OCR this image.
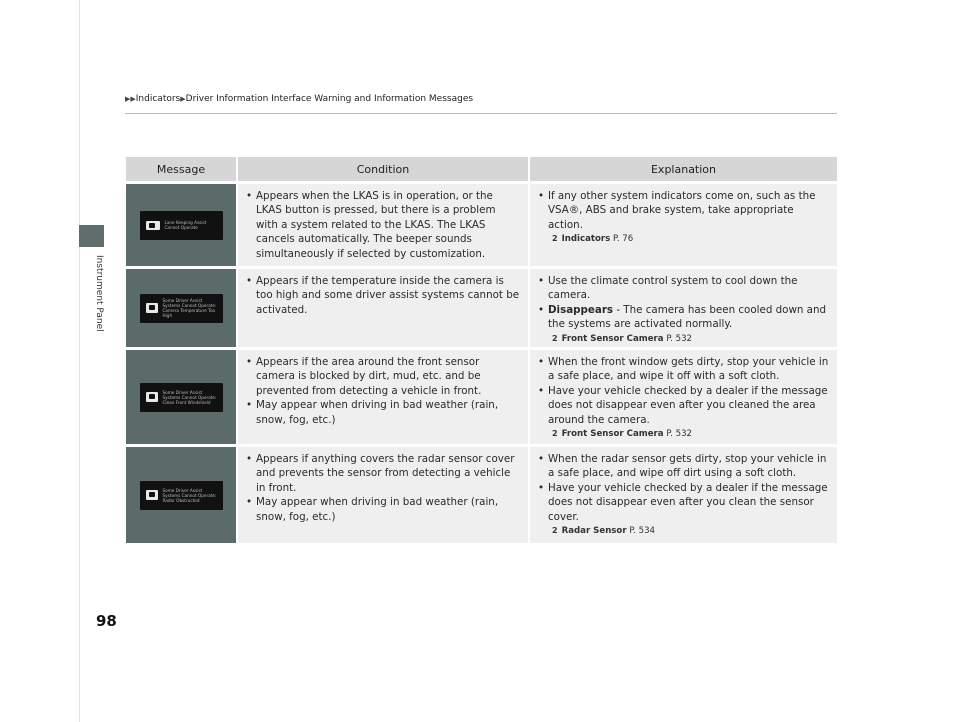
Instrument Panel
▶▶Indicators▶Driver Information Interface Warning and Information Messages
Message	Condition	Explanation
Lane Keeping Assist
Cannot Operate
• Appears when the LKAS is in operation, or the LKAS button is pressed, but there is a problem with a system related to the LKAS. The LKAS cancels automatically. The beeper sounds simultaneously if selected by customization.
• If any other system indicators come on, such as the VSA®, ABS and brake system, take appropriate action.
2 Indicators P. 76
Some Driver Assist
Systems Cannot Operate:
Camera Temperature Too
High
• Appears if the temperature inside the camera is too high and some driver assist systems cannot be activated.
• Use the climate control system to cool down the camera.
• Disappears - The camera has been cooled down and the systems are activated normally.
2 Front Sensor Camera P. 532
Some Driver Assist
Systems Cannot Operate:
Clean Front Windshield
• Appears if the area around the front sensor camera is blocked by dirt, mud, etc. and be prevented from detecting a vehicle in front.
• May appear when driving in bad weather (rain, snow, fog, etc.)
• When the front window gets dirty, stop your vehicle in a safe place, and wipe it off with a soft cloth.
• Have your vehicle checked by a dealer if the message does not disappear even after you cleaned the area around the camera.
2 Front Sensor Camera P. 532
Some Driver Assist
Systems Cannot Operate:
Radar Obstructed
• Appears if anything covers the radar sensor cover and prevents the sensor from detecting a vehicle in front.
• May appear when driving in bad weather (rain, snow, fog, etc.)
• When the radar sensor gets dirty, stop your vehicle in a safe place, and wipe off dirt using a soft cloth.
• Have your vehicle checked by a dealer if the message does not disappear even after you clean the sensor cover.
2 Radar Sensor P. 534
98
